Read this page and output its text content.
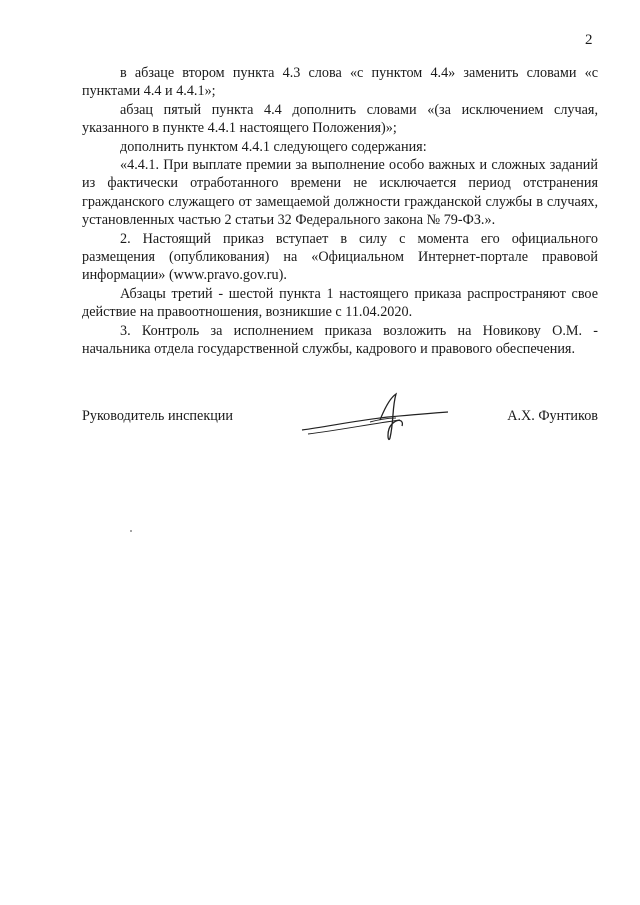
2

в абзаце втором пункта 4.3 слова «с пунктом 4.4» заменить словами «с пунктами 4.4 и 4.4.1»;

абзац пятый пункта 4.4 дополнить словами «(за исключением случая, указанного в пункте 4.4.1 настоящего Положения)»;

дополнить пунктом 4.4.1 следующего содержания:

«4.4.1. При выплате премии за выполнение особо важных и сложных заданий из фактически отработанного времени не исключается период отстранения гражданского служащего от замещаемой должности гражданской службы в случаях, установленных частью 2 статьи 32 Федерального закона № 79-ФЗ.».

2. Настоящий приказ вступает в силу с момента его официального размещения (опубликования) на «Официальном Интернет-портале правовой информации» (www.pravo.gov.ru).

Абзацы третий - шестой пункта 1 настоящего приказа распространяют свое действие на правоотношения, возникшие с 11.04.2020.

3. Контроль за исполнением приказа возложить на Новикову О.М. - начальника отдела государственной службы, кадрового и правового обеспечения.

Руководитель инспекции	А.Х. Фунтиков
